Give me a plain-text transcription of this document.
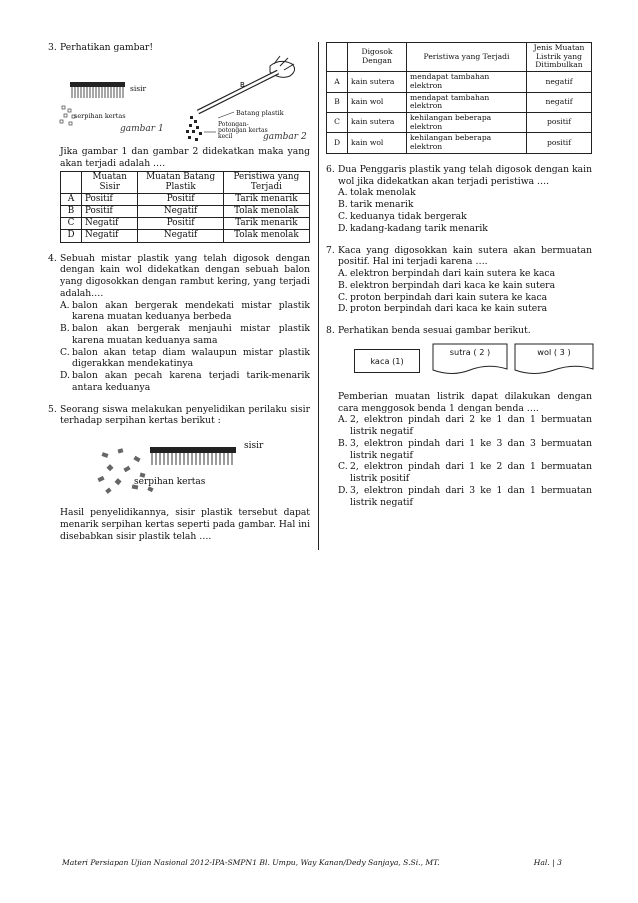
3. Perhatikan gambar!
B
sisir
serpihan kertas
gambar 1
Batang plastik
Potongan-potongan kertas kecil	gambar 2
Jika gambar 1 dan gambar 2 didekatkan maka yang akan terjadi adalah ….
	Muatan Sisir	Muatan Batang Plastik	Peristiwa yang Terjadi
A	Positif	Positif	Tarik menarik
B	Positif	Negatif	Tolak menolak
C	Negatif	Positif	Tarik menarik
D	Negatif	Negatif	Tolak menolak
4. Sebuah mistar plastik yang telah digosok dengan dengan kain wol didekatkan dengan sebuah balon yang digosokkan dengan rambut kering, yang terjadi adalah….
A. balon akan bergerak mendekati mistar plastik karena muatan keduanya berbeda
B. balon akan bergerak menjauhi mistar plastik karena muatan keduanya sama
C. balon akan tetap diam walaupun mistar plastik digerakkan mendekatinya
D. balon akan pecah karena terjadi tarik-menarik antara keduanya
5. Seorang siswa melakukan penyelidikan perilaku sisir terhadap serpihan kertas berikut :
sisir
serpihan kertas
Hasil penyelidikannya, sisir plastik tersebut dapat menarik serpihan kertas seperti pada gambar. Hal ini disebabkan sisir plastik telah ….
	Digosok Dengan	Peristiwa yang Terjadi	Jenis Muatan Listrik yang Ditimbulkan
A	kain sutera	mendapat tambahan elektron	negatif
B	kain wol	mendapat tambahan elektron	negatif
C	kain sutera	kehilangan beberapa elektron	positif
D	kain wol	kehilangan beberapa elektron	positif
6. Dua Penggaris plastik yang telah digosok dengan kain wol jika didekatkan akan terjadi peristiwa ….
A. tolak menolak
B. tarik menarik
C. keduanya tidak bergerak
D. kadang-kadang tarik menarik
7. Kaca yang digosokkan kain sutera akan bermuatan positif. Hal ini terjadi karena ….
A. elektron berpindah dari kain sutera ke kaca
B. elektron berpindah dari kaca ke kain sutera
C. proton berpindah dari kain sutera ke kaca
D. proton berpindah dari kaca ke kain sutera
8. Perhatikan benda sesuai gambar berikut.
kaca (1)
sutra ( 2 )	wol ( 3 )
Pemberian muatan listrik dapat dilakukan dengan cara menggosok benda 1 dengan benda ….
A. 2, elektron pindah dari 2 ke 1 dan 1 bermuatan listrik negatif
B. 3, elektron pindah dari 1 ke 3 dan 3 bermuatan listrik negatif
C. 2, elektron pindah dari 1 ke 2 dan 1 bermuatan listrik positif
D. 3, elektron pindah dari 3 ke 1 dan 1 bermuatan listrik negatif
Materi Persiapan Ujian Nasional 2012-IPA-SMPN1 Bl. Umpu, Way Kanan/Dedy Sanjaya, S.Si., MT.	Hal. | 3
